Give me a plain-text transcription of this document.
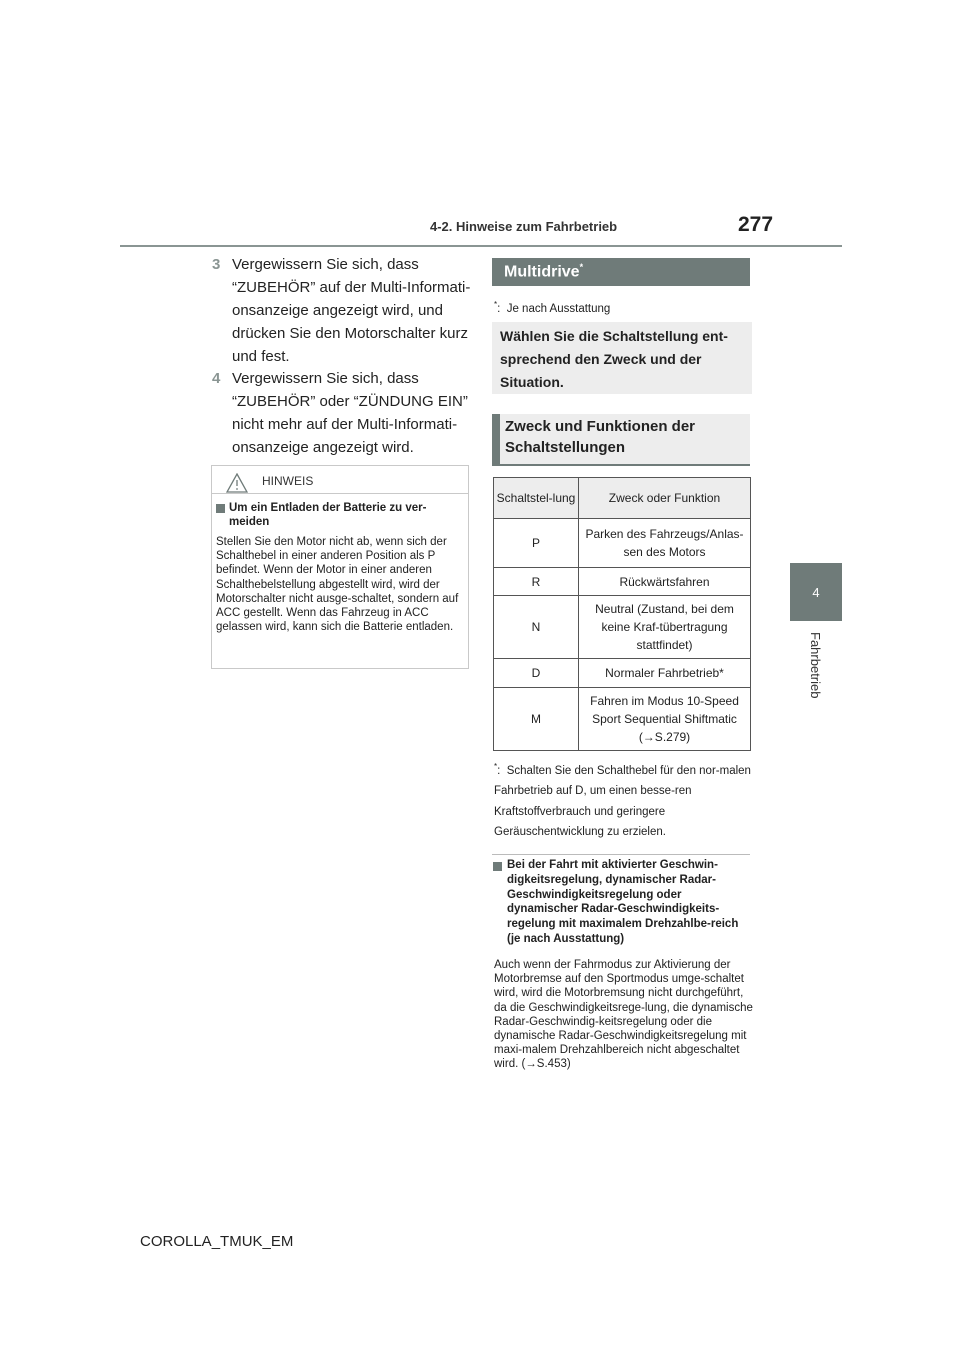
4-2. Hinweise zum Fahrbetrieb	277
4
Fahrbetrieb
3 Vergewissern Sie sich, dass “ZUBEHÖR” auf der Multi-Informati-onsanzeige angezeigt wird, und drücken Sie den Motorschalter kurz und fest.
4 Vergewissern Sie sich, dass “ZUBEHÖR” oder “ZÜNDUNG EIN” nicht mehr auf der Multi-Informati-onsanzeige angezeigt wird.
HINWEIS
Um ein Entladen der Batterie zu ver-meiden
Stellen Sie den Motor nicht ab, wenn sich der Schalthebel in einer anderen Position als P befindet. Wenn der Motor in einer anderen Schalthebelstellung abgestellt wird, wird der Motorschalter nicht ausge-schaltet, sondern auf ACC gestellt. Wenn das Fahrzeug in ACC gelassen wird, kann sich die Batterie entladen.
Multidrive*
*:  Je nach Ausstattung
Wählen Sie die Schaltstellung ent-sprechend den Zweck und der Situation.
Zweck und Funktionen der Schaltstellungen
Schaltstel-lung	Zweck oder Funktion
P	Parken des Fahrzeugs/Anlas-sen des Motors
R	Rückwärtsfahren
N	Neutral (Zustand, bei dem keine Kraf-tübertragung stattfindet)
D	Normaler Fahrbetrieb*
M	Fahren im Modus 10-Speed Sport Sequential Shiftmatic (→S.279)
*:  Schalten Sie den Schalthebel für den nor-malen Fahrbetrieb auf D, um einen besse-ren Kraftstoffverbrauch und geringere Geräuschentwicklung zu erzielen.
Bei der Fahrt mit aktivierter Geschwin-digkeitsregelung, dynamischer Radar-Geschwindigkeitsregelung oder dynamischer Radar-Geschwindigkeits-regelung mit maximalem Drehzahlbe-reich (je nach Ausstattung)
Auch wenn der Fahrmodus zur Aktivierung der Motorbremse auf den Sportmodus umge-schaltet wird, wird die Motorbremsung nicht durchgeführt, da die Geschwindigkeitsrege-lung, die dynamische Radar-Geschwindig-keitsregelung oder die dynamische Radar-Geschwindigkeitsregelung mit maxi-malem Drehzahlbereich nicht abgeschaltet wird. (→S.453)
COROLLA_TMUK_EM
